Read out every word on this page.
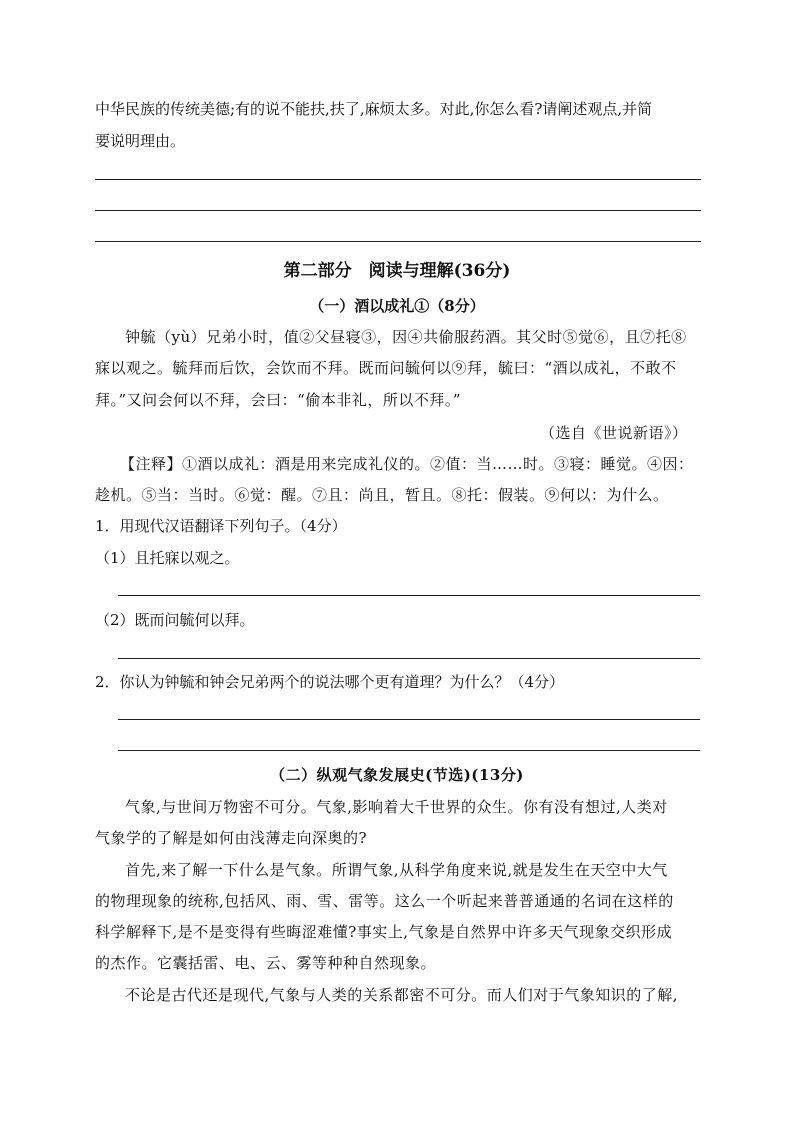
中华民族的传统美德;有的说不能扶,扶了,麻烦太多。对此,你怎么看?请阐述观点,并简
要说明理由。
第二部分　阅读与理解(36分)
（一）酒以成礼①（8分）
钟毓（yù）兄弟小时，值②父昼寝③，因④共偷服药酒。其父时⑤觉⑥，且⑦托⑧
寐以观之。毓拜而后饮，会饮而不拜。既而问毓何以⑨拜，毓曰：“酒以成礼，不敢不
拜。”又问会何以不拜，会曰：“偷本非礼，所以不拜。”
（选自《世说新语》）
【注释】①酒以成礼：酒是用来完成礼仪的。②值：当……时。③寝：睡觉。④因：
趁机。⑤当：当时。⑥觉：醒。⑦且：尚且，暂且。⑧托：假装。⑨何以：为什么。
1．用现代汉语翻译下列句子。（4分）
（1）且托寐以观之。
（2）既而问毓何以拜。
2．你认为钟毓和钟会兄弟两个的说法哪个更有道理？为什么？（4分）
（二）纵观气象发展史(节选)(13分)
气象,与世间万物密不可分。气象,影响着大千世界的众生。你有没有想过,人类对
气象学的了解是如何由浅薄走向深奥的?
首先,来了解一下什么是气象。所谓气象,从科学角度来说,就是发生在天空中大气
的物理现象的统称,包括风、雨、雪、雷等。这么一个听起来普普通通的名词在这样的
科学解释下,是不是变得有些晦涩难懂?事实上,气象是自然界中许多天气现象交织形成
的杰作。它囊括雷、电、云、雾等种种自然现象。
不论是古代还是现代,气象与人类的关系都密不可分。而人们对于气象知识的了解,
